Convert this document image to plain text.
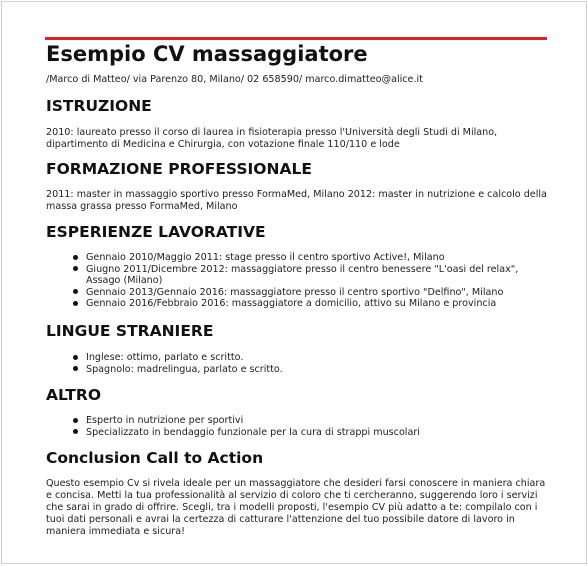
Esempio CV massaggiatore
/Marco di Matteo/ via Parenzo 80, Milano/ 02 658590/ marco.dimatteo@alice.it
ISTRUZIONE
2010: laureato presso il corso di laurea in fisioterapia presso l'Università degli Studi di Milano, dipartimento di Medicina e Chirurgia, con votazione finale 110/110 e lode
FORMAZIONE PROFESSIONALE
2011: master in massaggio sportivo presso FormaMed, Milano 2012: master in nutrizione e calcolo della massa grassa presso FormaMed, Milano
ESPERIENZE LAVORATIVE
Gennaio 2010/Maggio 2011: stage presso il centro sportivo Active!, Milano
Giugno 2011/Dicembre 2012: massaggiatore presso il centro benessere "L'oasi del relax", Assago (Milano)
Gennaio 2013/Gennaio 2016: massaggiatore presso il centro sportivo "Delfino", Milano
Gennaio 2016/Febbraio 2016: massaggiatore a domicilio, attivo su Milano e provincia
LINGUE STRANIERE
Inglese: ottimo, parlato e scritto.
Spagnolo: madrelingua, parlato e scritto.
ALTRO
Esperto in nutrizione per sportivi
Specializzato in bendaggio funzionale per la cura di strappi muscolari
Conclusion Call to Action
Questo esempio Cv si rivela ideale per un massaggiatore che desideri farsi conoscere in maniera chiara e concisa. Metti la tua professionalità al servizio di coloro che ti cercheranno, suggerendo loro i servizi che sarai in grado di offrire. Scegli, tra i modelli proposti, l'esempio CV più adatto a te: compilalo con i tuoi dati personali e avrai la certezza di catturare l'attenzione del tuo possibile datore di lavoro in maniera immediata e sicura!
